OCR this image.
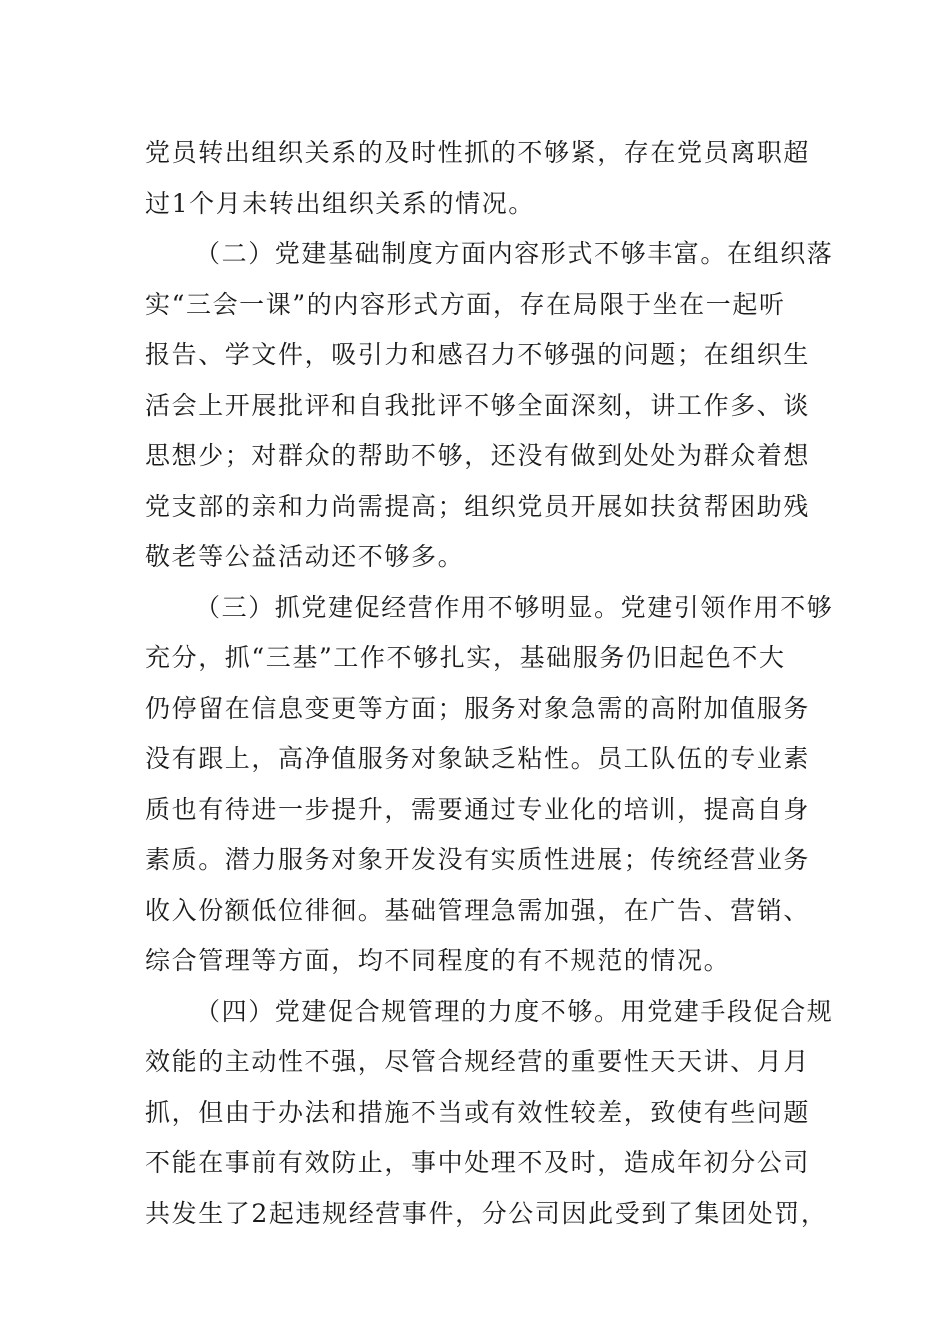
党员转出组织关系的及时性抓的不够紧，存在党员离职超
过1个月未转出组织关系的情况。
（二）党建基础制度方面内容形式不够丰富。在组织落
实“三会一课”的内容形式方面，存在局限于坐在一起听
报告、学文件，吸引力和感召力不够强的问题；在组织生
活会上开展批评和自我批评不够全面深刻，讲工作多、谈
思想少；对群众的帮助不够，还没有做到处处为群众着想
党支部的亲和力尚需提高；组织党员开展如扶贫帮困助残
敬老等公益活动还不够多。
（三）抓党建促经营作用不够明显。党建引领作用不够
充分，抓“三基”工作不够扎实，基础服务仍旧起色不大
仍停留在信息变更等方面；服务对象急需的高附加值服务
没有跟上，高净值服务对象缺乏粘性。员工队伍的专业素
质也有待进一步提升，需要通过专业化的培训，提高自身
素质。潜力服务对象开发没有实质性进展；传统经营业务
收入份额低位徘徊。基础管理急需加强，在广告、营销、
综合管理等方面，均不同程度的有不规范的情况。
（四）党建促合规管理的力度不够。用党建手段促合规
效能的主动性不强，尽管合规经营的重要性天天讲、月月
抓，但由于办法和措施不当或有效性较差，致使有些问题
不能在事前有效防止，事中处理不及时，造成年初分公司
共发生了2起违规经营事件，分公司因此受到了集团处罚，
